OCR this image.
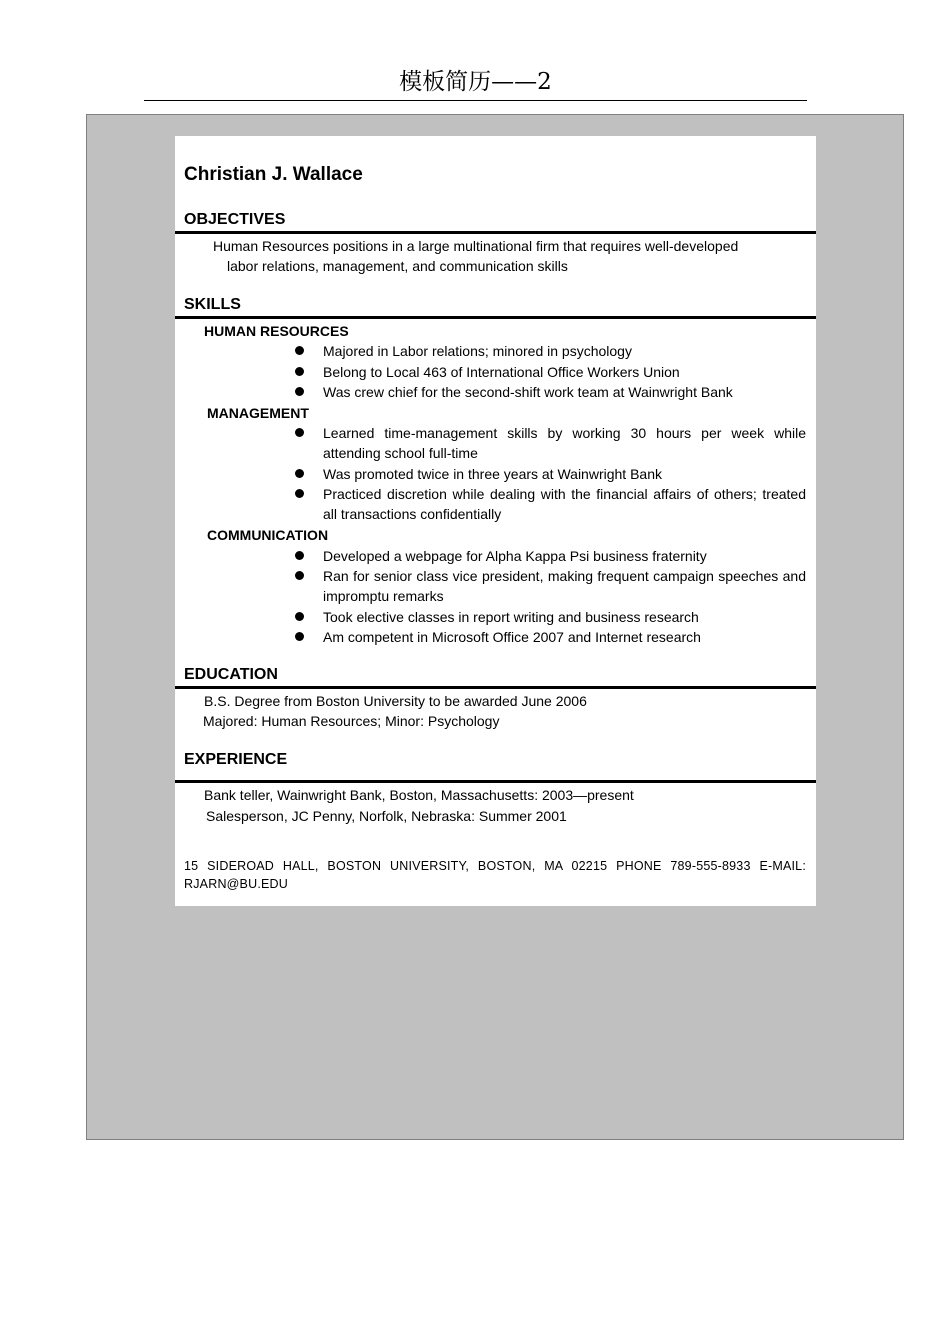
模板简历——2
Christian J. Wallace
OBJECTIVES
Human Resources positions in a large multinational firm that requires well-developed
labor relations, management, and communication skills
SKILLS
HUMAN RESOURCES
Majored in Labor relations; minored in psychology
Belong to Local 463 of International Office Workers Union
Was crew chief for the second-shift work team at Wainwright Bank
MANAGEMENT
Learned time-management skills by working 30 hours per week while attending school full-time
Was promoted twice in three years at Wainwright Bank
Practiced discretion while dealing with the financial affairs of others; treated all transactions confidentially
COMMUNICATION
Developed a webpage for Alpha Kappa Psi business fraternity
Ran for senior class vice president, making frequent campaign speeches and impromptu remarks
Took elective classes in report writing and business research
Am competent in Microsoft Office 2007 and Internet research
EDUCATION
B.S. Degree from Boston University to be awarded June 2006
Majored: Human Resources; Minor: Psychology
EXPERIENCE
Bank teller, Wainwright Bank, Boston, Massachusetts: 2003—present
Salesperson, JC Penny, Norfolk, Nebraska: Summer 2001
15 SIDEROAD HALL, BOSTON UNIVERSITY, BOSTON, MA 02215 PHONE 789-555-8933 E-MAIL: RJARN@BU.EDU
